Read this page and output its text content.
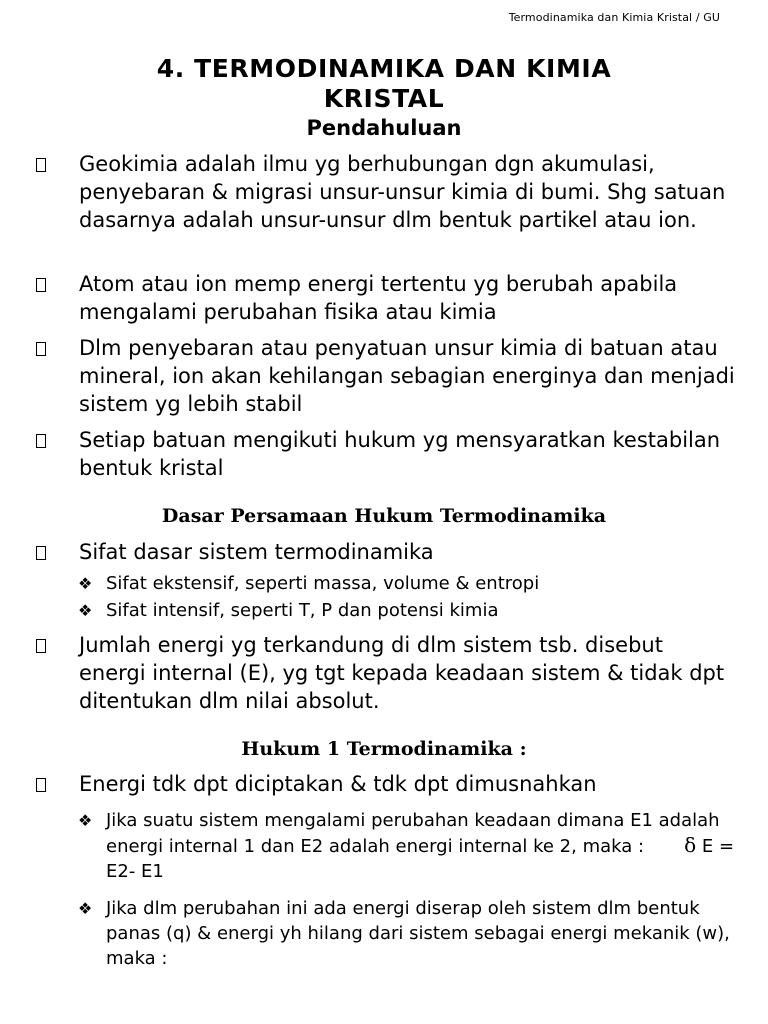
Termodinamika dan Kimia Kristal / GU
4. TERMODINAMIKA DAN KIMIA
KRISTAL
Pendahuluan
Geokimia adalah ilmu yg berhubungan dgn akumulasi, penyebaran & migrasi unsur-unsur kimia di bumi. Shg satuan dasarnya adalah unsur-unsur dlm bentuk partikel atau ion.
Atom atau ion memp energi tertentu yg berubah apabila mengalami perubahan fisika atau kimia
Dlm penyebaran atau penyatuan unsur kimia di batuan atau mineral, ion akan kehilangan sebagian energinya dan menjadi sistem yg lebih stabil
Setiap batuan mengikuti hukum yg mensyaratkan kestabilan bentuk kristal
Dasar Persamaan Hukum Termodinamika
Sifat dasar sistem termodinamika
❖ Sifat ekstensif, seperti massa, volume & entropi
❖ Sifat intensif, seperti T, P dan potensi kimia
Jumlah energi yg terkandung di dlm sistem tsb. disebut energi internal (E), yg tgt kepada keadaan sistem & tidak dpt ditentukan dlm nilai absolut.
Hukum 1 Termodinamika :
Energi tdk dpt diciptakan & tdk dpt dimusnahkan
❖ Jika suatu sistem mengalami perubahan keadaan dimana E1 adalah energi internal 1 dan E2 adalah energi internal ke 2, maka : δ E = E2- E1
❖ Jika dlm perubahan ini ada energi diserap oleh sistem dlm bentuk panas (q) & energi yh hilang dari sistem sebagai energi mekanik (w), maka :
